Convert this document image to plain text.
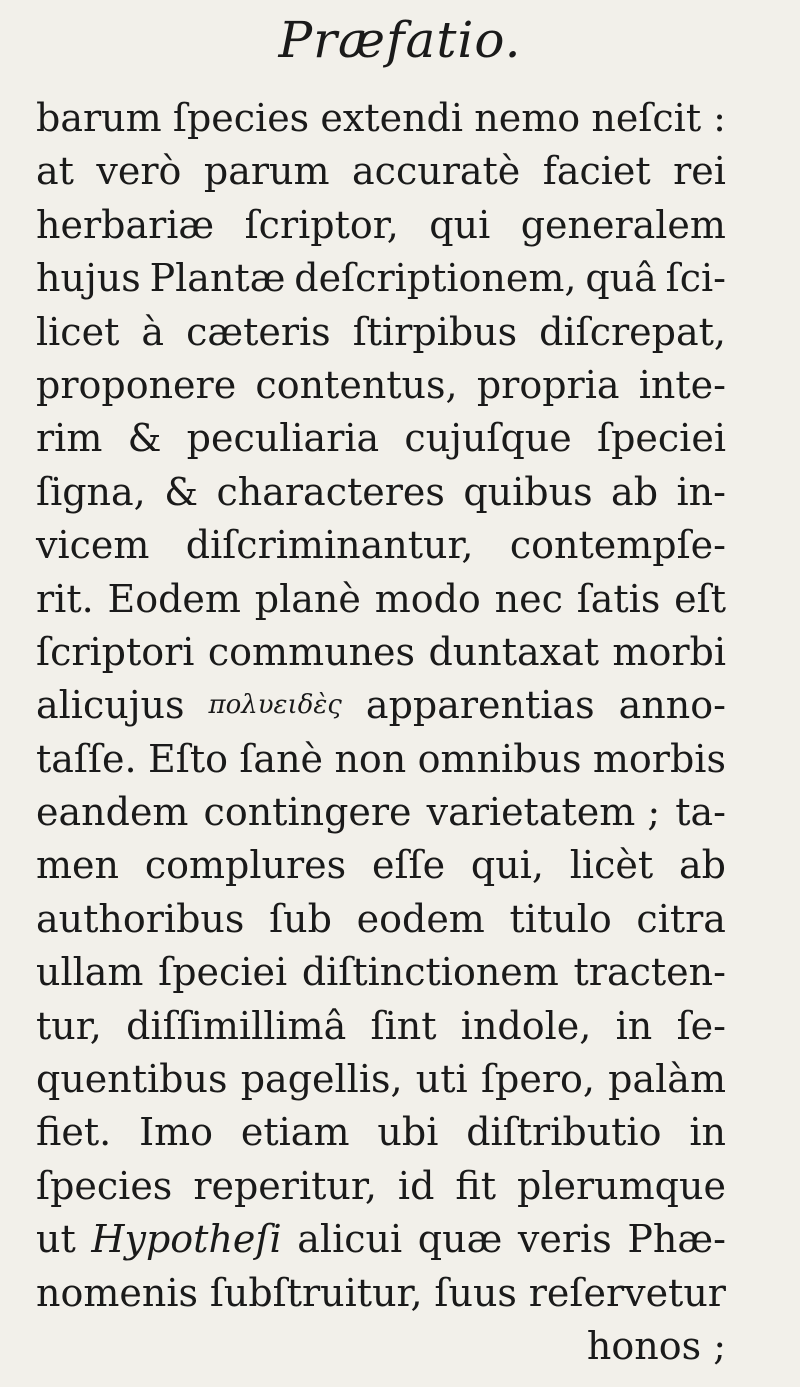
Præfatio.
barum ſpecies extendi nemo neſcit :
at verò parum accuratè faciet rei
herbariæ ſcriptor, qui generalem
hujus Plantæ deſcriptionem, quâ ſci-
licet à cæteris ſtirpibus diſcrepat,
proponere contentus, propria inte-
rim & peculiaria cujuſque ſpeciei
ſigna, & characteres quibus ab in-
vicem diſcriminantur, contempſe-
rit. Eodem planè modo nec ſatis eſt
ſcriptori communes duntaxat morbi
alicujus πολυειδὲς apparentias anno-
taſſe. Eſto ſanè non omnibus morbis
eandem contingere varietatem ; ta-
men complures eſſe qui, licèt ab
authoribus ſub eodem titulo citra
ullam ſpeciei diſtinctionem tracten-
tur, diſſimillimâ ſint indole, in ſe-
quentibus pagellis, uti ſpero, palàm
fiet. Imo etiam ubi diſtributio in
ſpecies reperitur, id fit plerumque
ut Hypotheſi alicui quæ veris Phæ-
nomenis ſubſtruitur, ſuus reſervetur
honos ;
